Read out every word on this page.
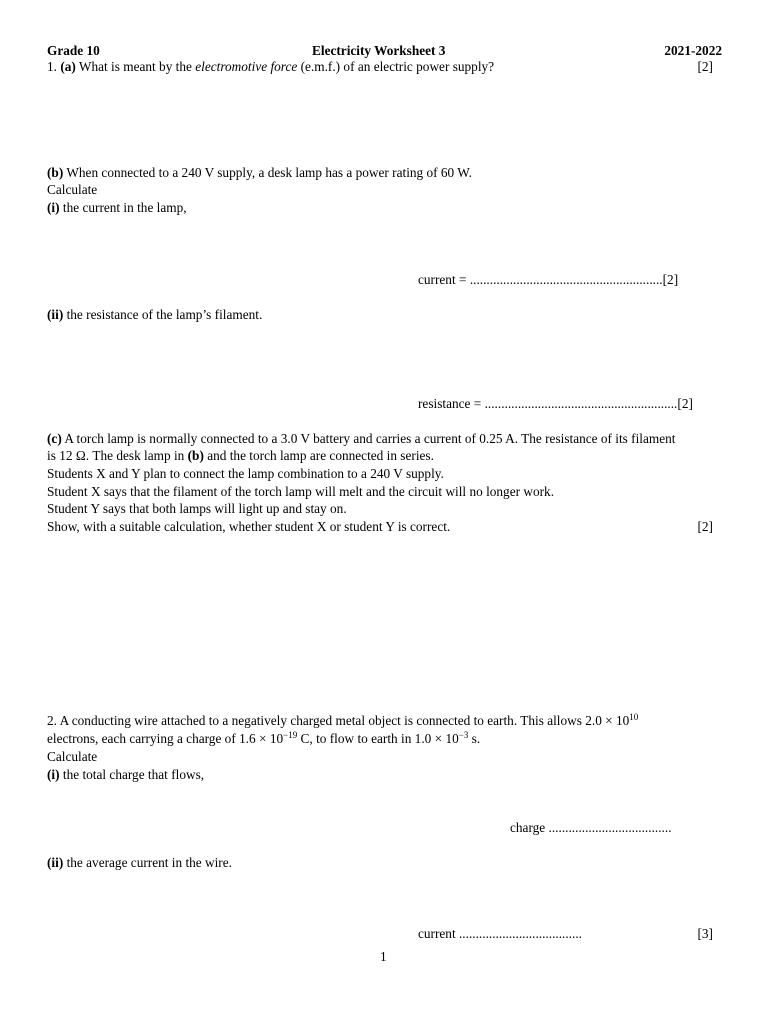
Grade 10	Electricity Worksheet 3	2021-2022
1. (a) What is meant by the electromotive force (e.m.f.) of an electric power supply?	[2]
(b) When connected to a 240 V supply, a desk lamp has a power rating of 60 W.
Calculate
(i) the current in the lamp,
current = ..........................................................[2]
(ii) the resistance of the lamp’s filament.
resistance = ..........................................................[2]
(c) A torch lamp is normally connected to a 3.0 V battery and carries a current of 0.25 A. The resistance of its filament
is 12 Ω. The desk lamp in (b) and the torch lamp are connected in series.
Students X and Y plan to connect the lamp combination to a 240 V supply.
Student X says that the filament of the torch lamp will melt and the circuit will no longer work.
Student Y says that both lamps will light up and stay on.
Show, with a suitable calculation, whether student X or student Y is correct.	[2]
2. A conducting wire attached to a negatively charged metal object is connected to earth. This allows $2.0 \times 10^{10}$
electrons, each carrying a charge of $1.6 \times 10^{-19}$ C, to flow to earth in $1.0 \times 10^{-3}$ s.
Calculate
(i) the total charge that flows,
charge .....................................
(ii) the average current in the wire.
current .....................................	[3]
1
